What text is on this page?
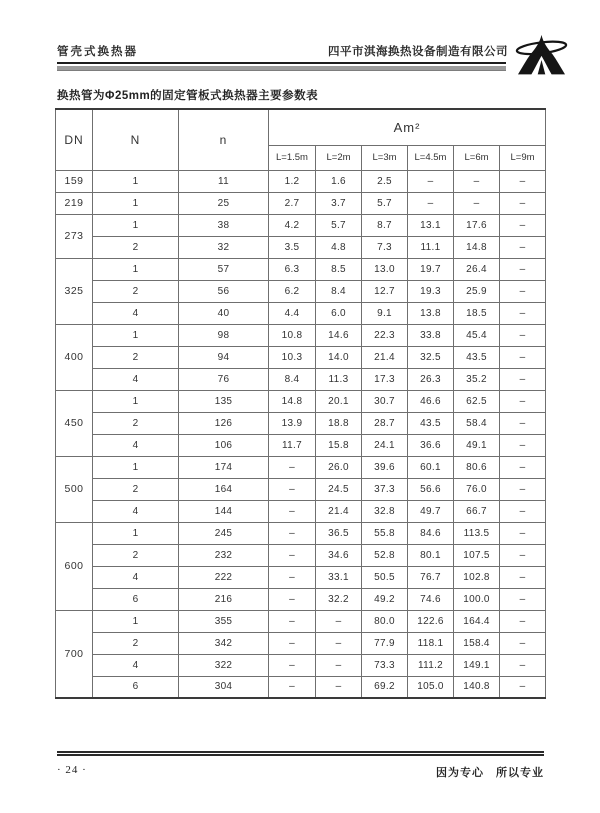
管壳式换热器	四平市淇海换热设备制造有限公司
换热管为Φ25mm的固定管板式换热器主要参数表
DN	N	n	Am²					
			L=1.5m	L=2m	L=3m	L=4.5m	L=6m	L=9m
159	1	11	1.2	1.6	2.5	–	–	–
219	1	25	2.7	3.7	5.7	–	–	–
273	1	38	4.2	5.7	8.7	13.1	17.6	–
	2	32	3.5	4.8	7.3	11.1	14.8	–
325	1	57	6.3	8.5	13.0	19.7	26.4	–
	2	56	6.2	8.4	12.7	19.3	25.9	–
	4	40	4.4	6.0	9.1	13.8	18.5	–
400	1	98	10.8	14.6	22.3	33.8	45.4	–
	2	94	10.3	14.0	21.4	32.5	43.5	–
	4	76	8.4	11.3	17.3	26.3	35.2	–
450	1	135	14.8	20.1	30.7	46.6	62.5	–
	2	126	13.9	18.8	28.7	43.5	58.4	–
	4	106	11.7	15.8	24.1	36.6	49.1	–
500	1	174	–	26.0	39.6	60.1	80.6	–
	2	164	–	24.5	37.3	56.6	76.0	–
	4	144	–	21.4	32.8	49.7	66.7	–
600	1	245	–	36.5	55.8	84.6	113.5	–
	2	232	–	34.6	52.8	80.1	107.5	–
	4	222	–	33.1	50.5	76.7	102.8	–
	6	216	–	32.2	49.2	74.6	100.0	–
700	1	355	–	–	80.0	122.6	164.4	–
	2	342	–	–	77.9	118.1	158.4	–
	4	322	–	–	73.3	111.2	149.1	–
	6	304	–	–	69.2	105.0	140.8	–
· 24 ·	因为专心　所以专业
